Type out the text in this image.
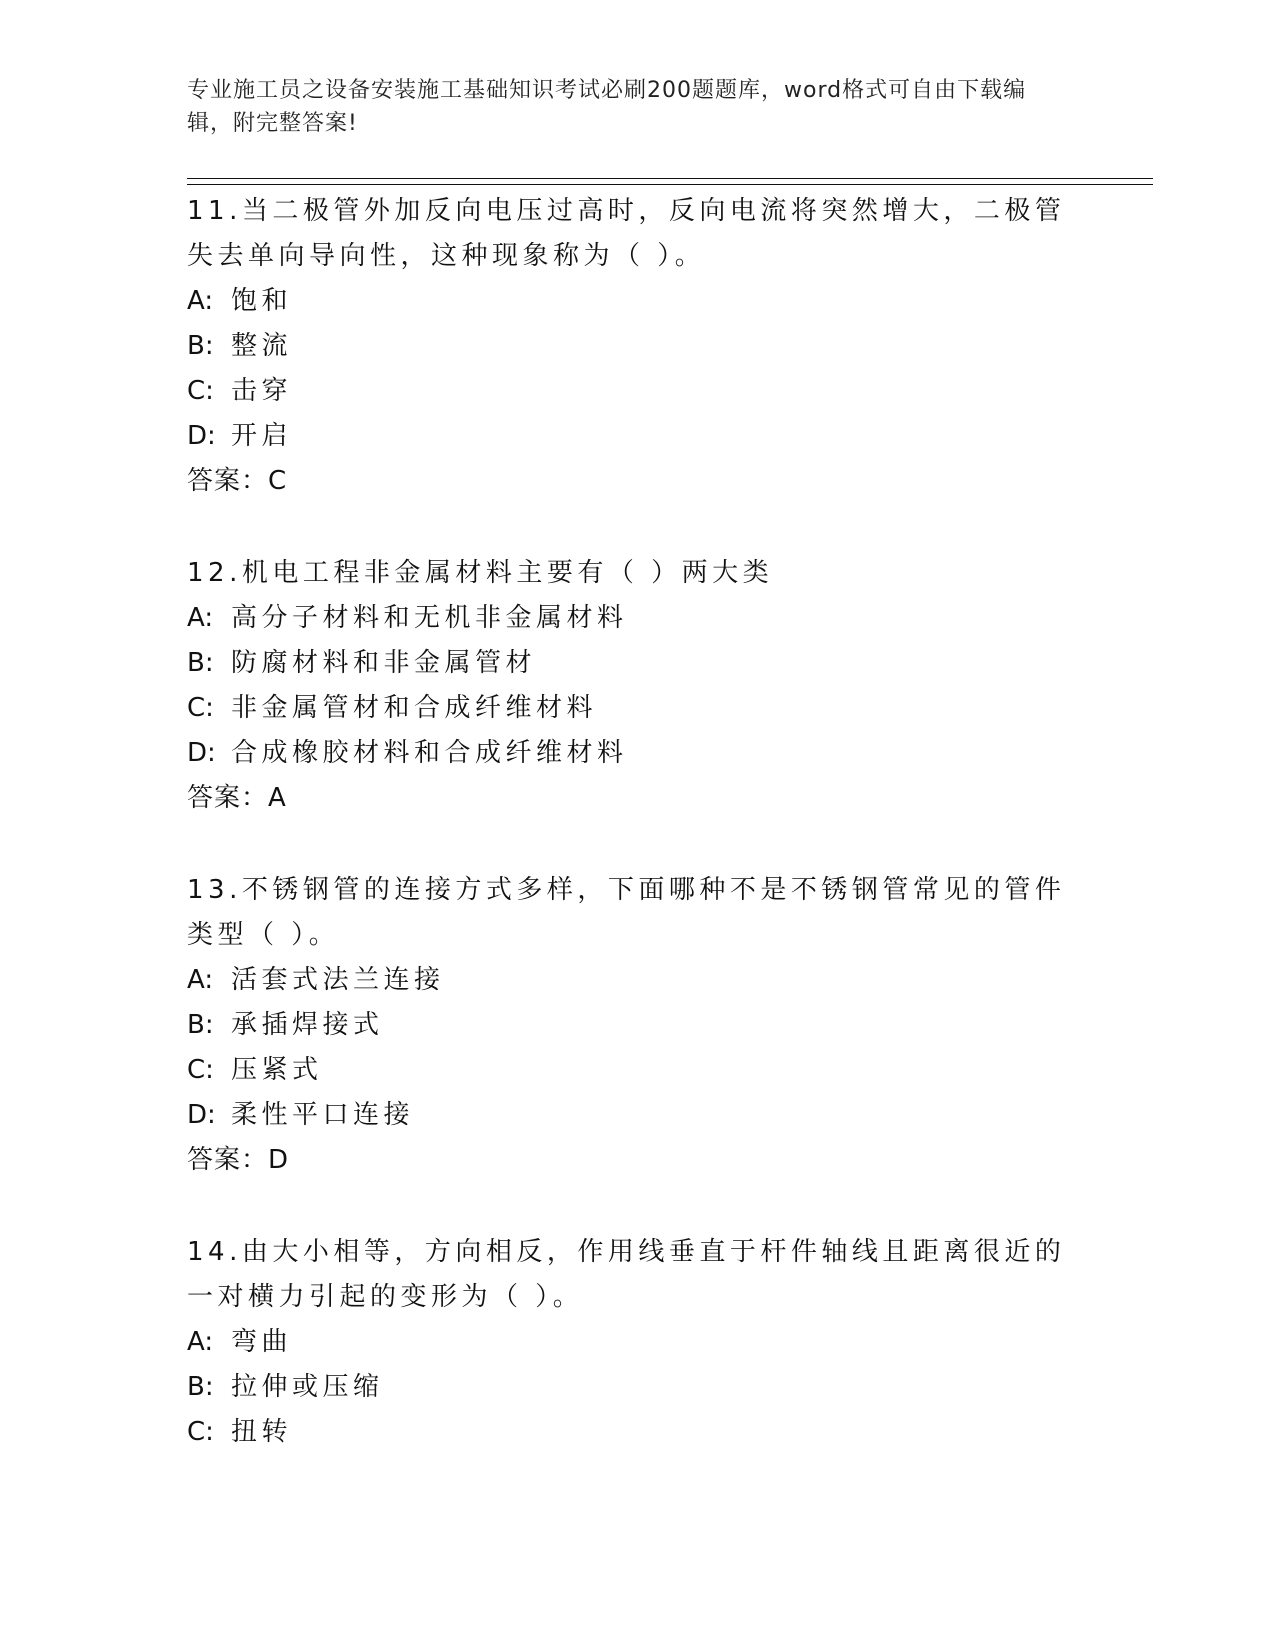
专业施工员之设备安装施工基础知识考试必刷200题题库，word格式可自由下载编辑，附完整答案!

11.当二极管外加反向电压过高时，反向电流将突然增大，二极管失去单向导向性，这种现象称为（ ）。

A: 饱和

B: 整流

C: 击穿

D: 开启

答案：C

12.机电工程非金属材料主要有（ ）两大类

A: 高分子材料和无机非金属材料

B: 防腐材料和非金属管材

C: 非金属管材和合成纤维材料

D: 合成橡胶材料和合成纤维材料

答案：A

13.不锈钢管的连接方式多样，下面哪种不是不锈钢管常见的管件类型（ ）。

A: 活套式法兰连接

B: 承插焊接式

C: 压紧式

D: 柔性平口连接

答案：D

14.由大小相等，方向相反，作用线垂直于杆件轴线且距离很近的一对横力引起的变形为（ ）。

A: 弯曲

B: 拉伸或压缩

C: 扭转
